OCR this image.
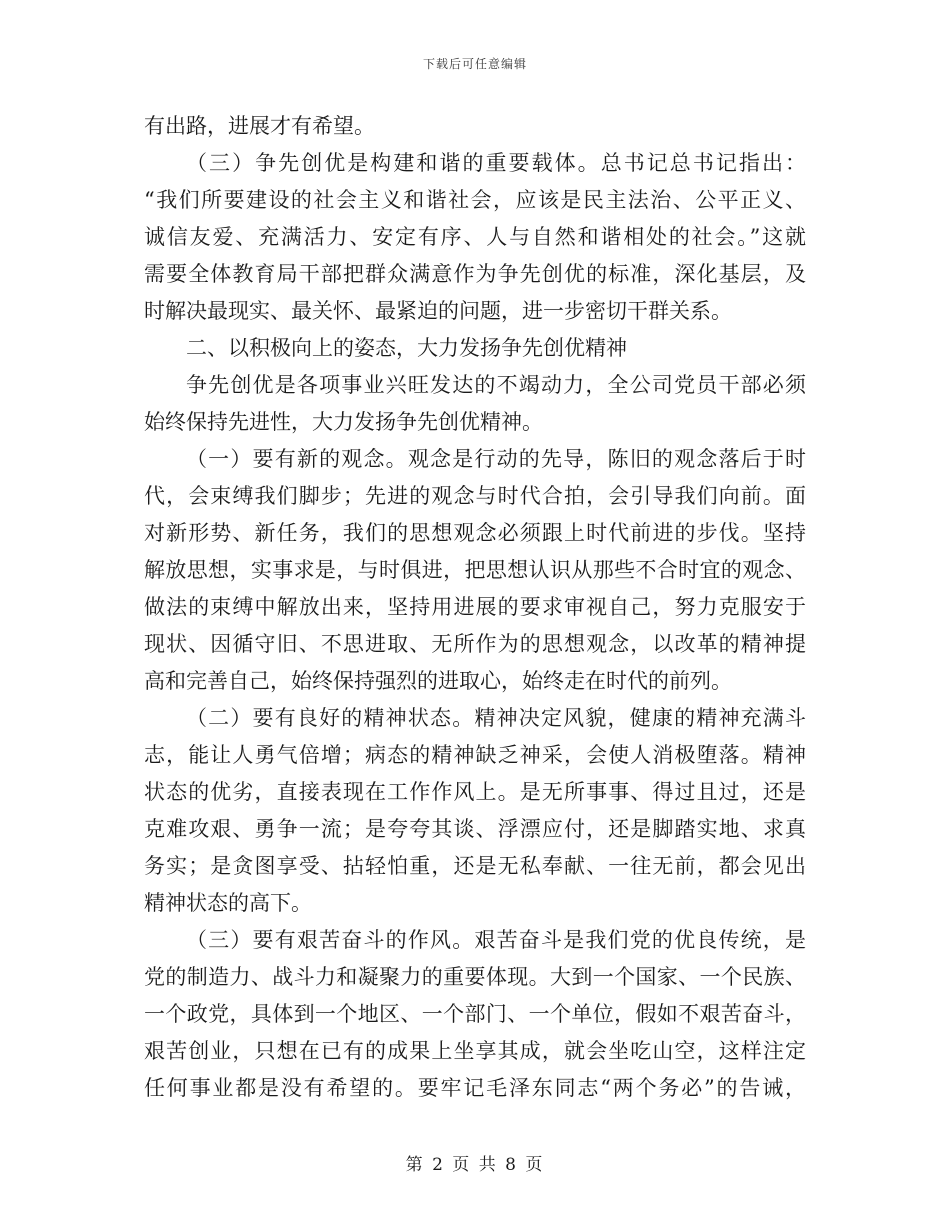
下载后可任意编辑
有出路，进展才有希望。
（三）争先创优是构建和谐的重要载体。总书记总书记指出：
“我们所要建设的社会主义和谐社会，应该是民主法治、公平正义、
诚信友爱、充满活力、安定有序、人与自然和谐相处的社会。”这就
需要全体教育局干部把群众满意作为争先创优的标准，深化基层，及
时解决最现实、最关怀、最紧迫的问题，进一步密切干群关系。
二、以积极向上的姿态，大力发扬争先创优精神
争先创优是各项事业兴旺发达的不竭动力，全公司党员干部必须
始终保持先进性，大力发扬争先创优精神。
（一）要有新的观念。观念是行动的先导，陈旧的观念落后于时
代，会束缚我们脚步；先进的观念与时代合拍，会引导我们向前。面
对新形势、新任务，我们的思想观念必须跟上时代前进的步伐。坚持
解放思想，实事求是，与时俱进，把思想认识从那些不合时宜的观念、
做法的束缚中解放出来，坚持用进展的要求审视自己，努力克服安于
现状、因循守旧、不思进取、无所作为的思想观念，以改革的精神提
高和完善自己，始终保持强烈的进取心，始终走在时代的前列。
（二）要有良好的精神状态。精神决定风貌，健康的精神充满斗
志，能让人勇气倍增；病态的精神缺乏神采，会使人消极堕落。精神
状态的优劣，直接表现在工作作风上。是无所事事、得过且过，还是
克难攻艰、勇争一流；是夸夸其谈、浮漂应付，还是脚踏实地、求真
务实；是贪图享受、拈轻怕重，还是无私奉献、一往无前，都会见出
精神状态的高下。
（三）要有艰苦奋斗的作风。艰苦奋斗是我们党的优良传统，是
党的制造力、战斗力和凝聚力的重要体现。大到一个国家、一个民族、
一个政党，具体到一个地区、一个部门、一个单位，假如不艰苦奋斗，
艰苦创业，只想在已有的成果上坐享其成，就会坐吃山空，这样注定
任何事业都是没有希望的。要牢记毛泽东同志“两个务必”的告诫，
第 2 页 共 8 页
